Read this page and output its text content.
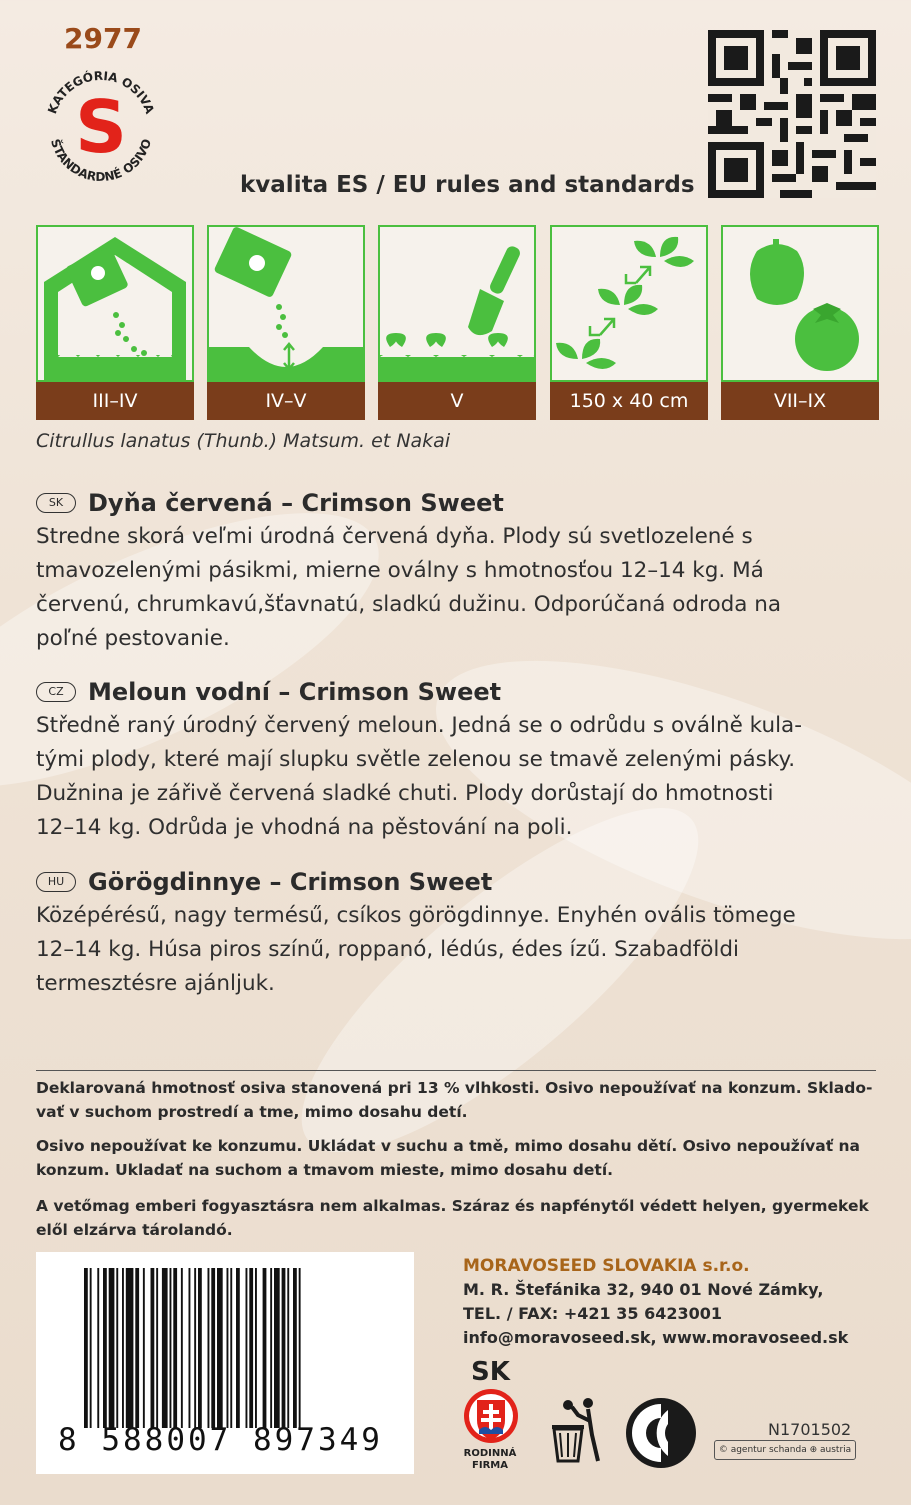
2977
KATEGÓRIA OSIVA
ŠTANDARDNÉ OSIVO
S
kvalita ES / EU rules and standards
III–IV	IV–V	V	150 x 40 cm	VII–IX
Citrullus lanatus (Thunb.) Matsum. et Nakai
SK	Dyňa červená – Crimson Sweet
Stredne skorá veľmi úrodná červená dyňa. Plody sú svetlozelené s
tmavozelenými pásikmi, mierne oválny s hmotnosťou 12–14 kg. Má
červenú, chrumkavú,šťavnatú, sladkú dužinu. Odporúčaná odroda na
poľné pestovanie.
CZ	Meloun vodní – Crimson Sweet
Středně raný úrodný červený meloun. Jedná se o odrůdu s oválně kula-
tými plody, které mají slupku světle zelenou se tmavě zelenými pásky.
Dužnina je zářivě červená sladké chuti. Plody dorůstají do hmotnosti
12–14 kg. Odrůda je vhodná na pěstování na poli.
HU Görögdinnye – Crimson Sweet
Középérésű, nagy termésű, csíkos görögdinnye. Enyhén ovális tömege
12–14 kg. Húsa piros színű, roppanó, lédús, édes ízű. Szabadföldi
termesztésre ajánljuk.
Deklarovaná hmotnosť osiva stanovená pri 13 % vlhkosti. Osivo nepoužívať na konzum. Sklado-
vať v suchom prostredí a tme, mimo dosahu detí.
Osivo nepoužívat ke konzumu. Ukládat v suchu a tmě, mimo dosahu dětí. Osivo nepoužívať na
konzum. Ukladať na suchom a tmavom mieste, mimo dosahu detí.
A vetőmag emberi fogyasztásra nem alkalmas. Száraz és napfénytől védett helyen, gyermekek
elől elzárva tárolandó.
8 588007 897349
MORAVOSEED SLOVAKIA s.r.o.
M. R. Štefánika 32, 940 01 Nové Zámky,
TEL. / FAX: +421 35 6423001
info@moravoseed.sk, www.moravoseed.sk
SK
RODINNÁ
FIRMA
N1701502
© agentur schanda ⊕ austria
